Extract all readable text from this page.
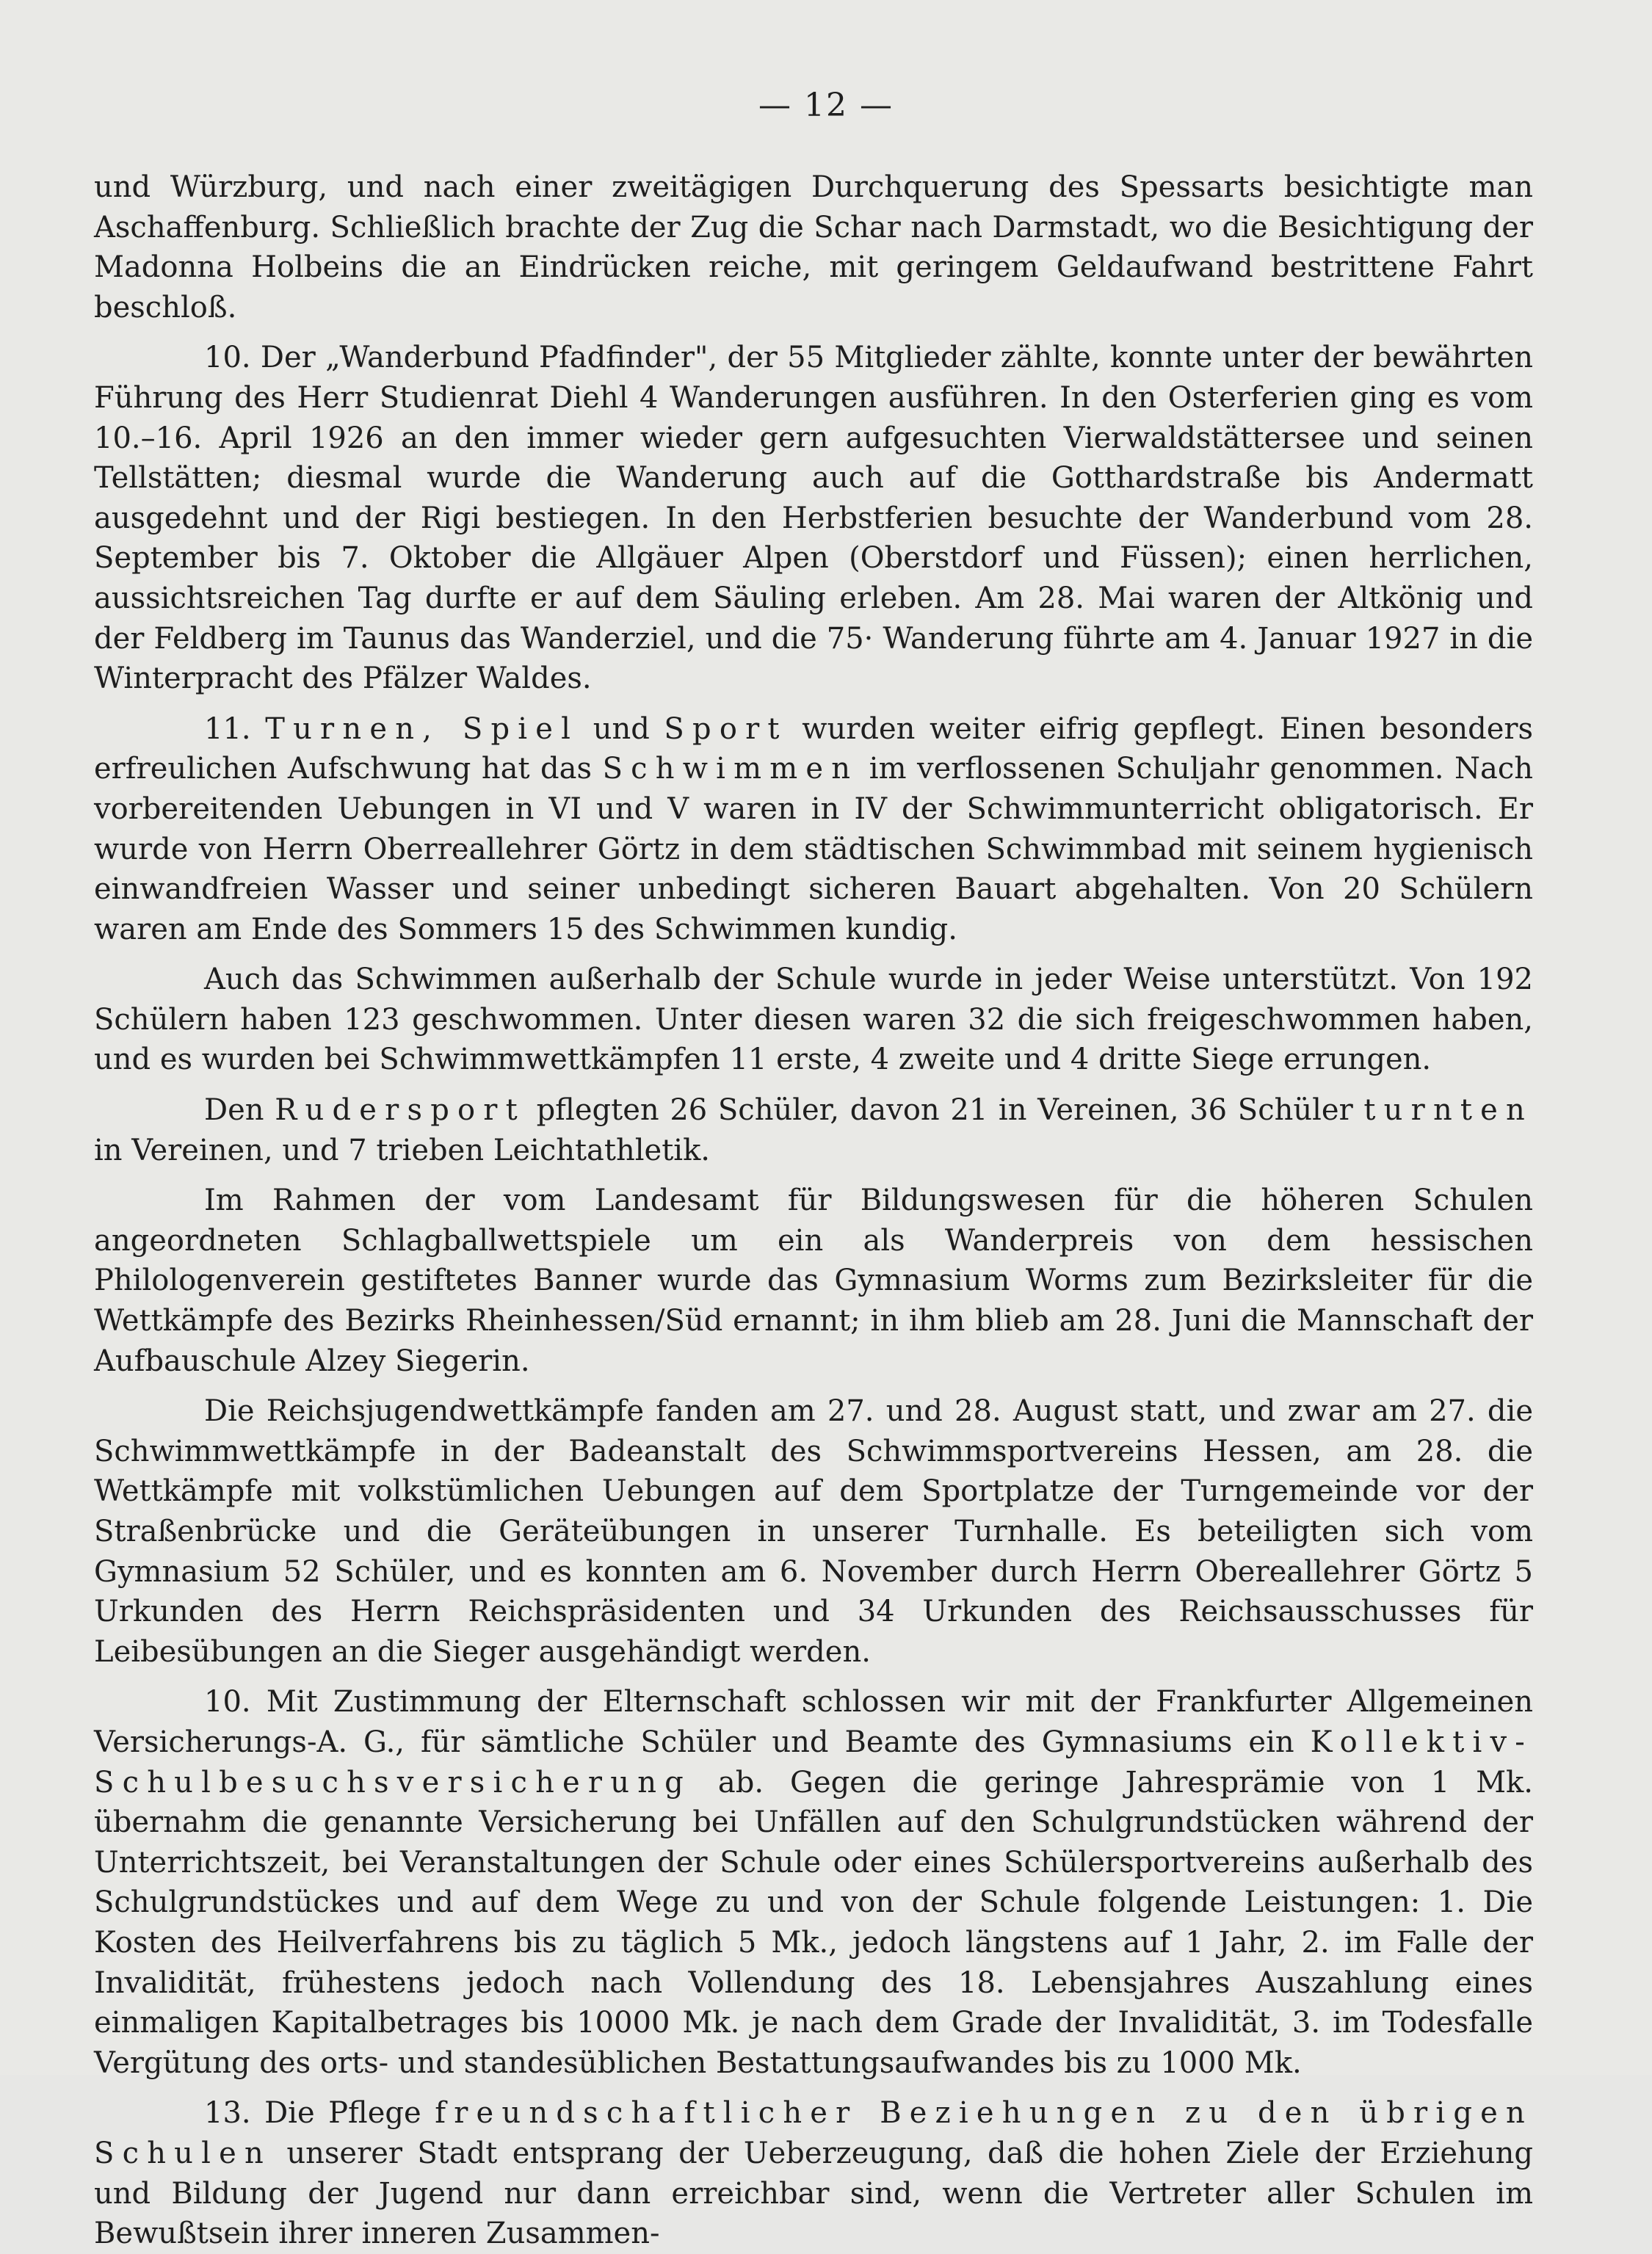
— 12 —

und Würzburg, und nach einer zweitägigen Durchquerung des Spessarts besichtigte man Aschaffenburg. Schließlich brachte der Zug die Schar nach Darmstadt, wo die Besichtigung der Madonna Holbeins die an Eindrücken reiche, mit geringem Geldaufwand bestrittene Fahrt beschloß.

10. Der „Wanderbund Pfadfinder", der 55 Mitglieder zählte, konnte unter der bewährten Führung des Herr Studienrat Diehl 4 Wanderungen ausführen. In den Osterferien ging es vom 10.–16. April 1926 an den immer wieder gern aufgesuchten Vierwaldstättersee und seinen Tellstätten; diesmal wurde die Wanderung auch auf die Gotthardstraße bis Andermatt ausgedehnt und der Rigi bestiegen. In den Herbstferien besuchte der Wanderbund vom 28. September bis 7. Oktober die Allgäuer Alpen (Oberstdorf und Füssen); einen herrlichen, aussichtsreichen Tag durfte er auf dem Säuling erleben. Am 28. Mai waren der Altkönig und der Feldberg im Taunus das Wanderziel, und die 75· Wanderung führte am 4. Januar 1927 in die Winterpracht des Pfälzer Waldes.

11. Turnen, Spiel und Sport wurden weiter eifrig gepflegt. Einen besonders erfreulichen Aufschwung hat das Schwimmen im verflossenen Schuljahr genommen. Nach vorbereitenden Uebungen in VI und V waren in IV der Schwimmunterricht obligatorisch. Er wurde von Herrn Oberreallehrer Görtz in dem städtischen Schwimmbad mit seinem hygienisch einwandfreien Wasser und seiner unbedingt sicheren Bauart abgehalten. Von 20 Schülern waren am Ende des Sommers 15 des Schwimmen kundig.

Auch das Schwimmen außerhalb der Schule wurde in jeder Weise unterstützt. Von 192 Schülern haben 123 geschwommen. Unter diesen waren 32 die sich freigeschwommen haben, und es wurden bei Schwimmwettkämpfen 11 erste, 4 zweite und 4 dritte Siege errungen.

Den Rudersport pflegten 26 Schüler, davon 21 in Vereinen, 36 Schüler turnten in Vereinen, und 7 trieben Leichtathletik.

Im Rahmen der vom Landesamt für Bildungswesen für die höheren Schulen angeordneten Schlagballwettspiele um ein als Wanderpreis von dem hessischen Philologenverein gestiftetes Banner wurde das Gymnasium Worms zum Bezirksleiter für die Wettkämpfe des Bezirks Rheinhessen/Süd ernannt; in ihm blieb am 28. Juni die Mannschaft der Aufbauschule Alzey Siegerin.

Die Reichsjugendwettkämpfe fanden am 27. und 28. August statt, und zwar am 27. die Schwimmwettkämpfe in der Badeanstalt des Schwimmsportvereins Hessen, am 28. die Wettkämpfe mit volkstümlichen Uebungen auf dem Sportplatze der Turngemeinde vor der Straßenbrücke und die Geräteübungen in unserer Turnhalle. Es beteiligten sich vom Gymnasium 52 Schüler, und es konnten am 6. November durch Herrn Obereallehrer Görtz 5 Urkunden des Herrn Reichspräsidenten und 34 Urkunden des Reichsausschusses für Leibesübungen an die Sieger ausgehändigt werden.

10. Mit Zustimmung der Elternschaft schlossen wir mit der Frankfurter Allgemeinen Versicherungs-A. G., für sämtliche Schüler und Beamte des Gymnasiums ein Kollektiv-Schulbesuchsversicherung ab. Gegen die geringe Jahresprämie von 1 Mk. übernahm die genannte Versicherung bei Unfällen auf den Schulgrundstücken während der Unterrichtszeit, bei Veranstaltungen der Schule oder eines Schülersportvereins außerhalb des Schulgrundstückes und auf dem Wege zu und von der Schule folgende Leistungen: 1. Die Kosten des Heilverfahrens bis zu täglich 5 Mk., jedoch längstens auf 1 Jahr, 2. im Falle der Invalidität, frühestens jedoch nach Vollendung des 18. Lebensjahres Auszahlung eines einmaligen Kapitalbetrages bis 10000 Mk. je nach dem Grade der Invalidität, 3. im Todesfalle Vergütung des orts- und standesüblichen Bestattungsaufwandes bis zu 1000 Mk.

13. Die Pflege freundschaftlicher Beziehungen zu den übrigen Schulen unserer Stadt entsprang der Ueberzeugung, daß die hohen Ziele der Erziehung und Bildung der Jugend nur dann erreichbar sind, wenn die Vertreter aller Schulen im Bewußtsein ihrer inneren Zusammen-
